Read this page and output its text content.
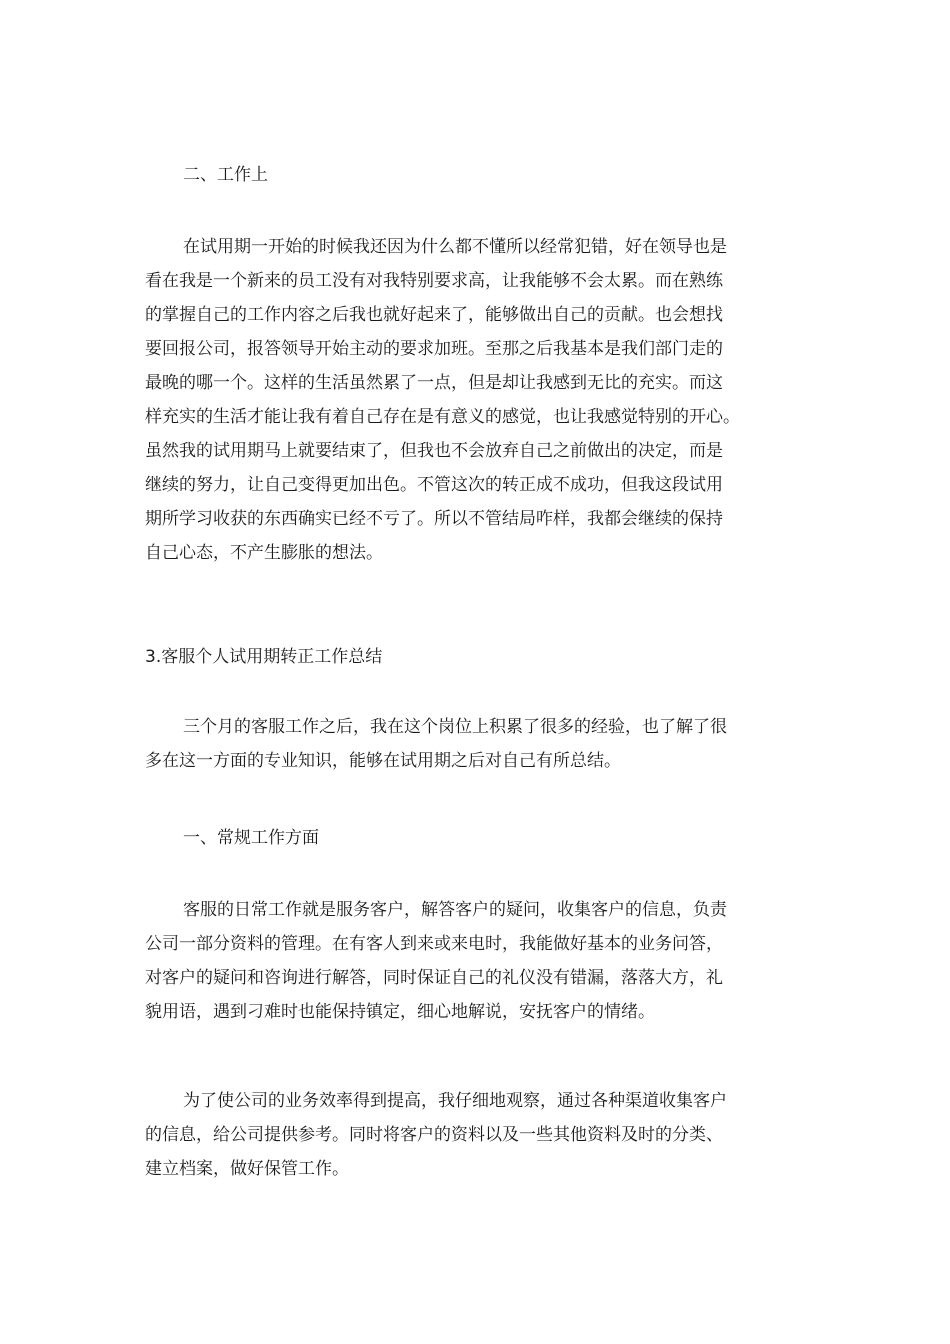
二、工作上

在试用期一开始的时候我还因为什么都不懂所以经常犯错，好在领导也是
看在我是一个新来的员工没有对我特别要求高，让我能够不会太累。而在熟练
的掌握自己的工作内容之后我也就好起来了，能够做出自己的贡献。也会想找
要回报公司，报答领导开始主动的要求加班。至那之后我基本是我们部门走的
最晚的哪一个。这样的生活虽然累了一点，但是却让我感到无比的充实。而这
样充实的生活才能让我有着自己存在是有意义的感觉，也让我感觉特别的开心。
虽然我的试用期马上就要结束了，但我也不会放弃自己之前做出的决定，而是
继续的努力，让自己变得更加出色。不管这次的转正成不成功，但我这段试用
期所学习收获的东西确实已经不亏了。所以不管结局咋样，我都会继续的保持
自己心态，不产生膨胀的想法。

3.客服个人试用期转正工作总结

三个月的客服工作之后，我在这个岗位上积累了很多的经验，也了解了很
多在这一方面的专业知识，能够在试用期之后对自己有所总结。

一、常规工作方面

客服的日常工作就是服务客户，解答客户的疑问，收集客户的信息，负责
公司一部分资料的管理。在有客人到来或来电时，我能做好基本的业务问答，
对客户的疑问和咨询进行解答，同时保证自己的礼仪没有错漏，落落大方，礼
貌用语，遇到刁难时也能保持镇定，细心地解说，安抚客户的情绪。
为了使公司的业务效率得到提高，我仔细地观察，通过各种渠道收集客户
的信息，给公司提供参考。同时将客户的资料以及一些其他资料及时的分类、
建立档案，做好保管工作。
